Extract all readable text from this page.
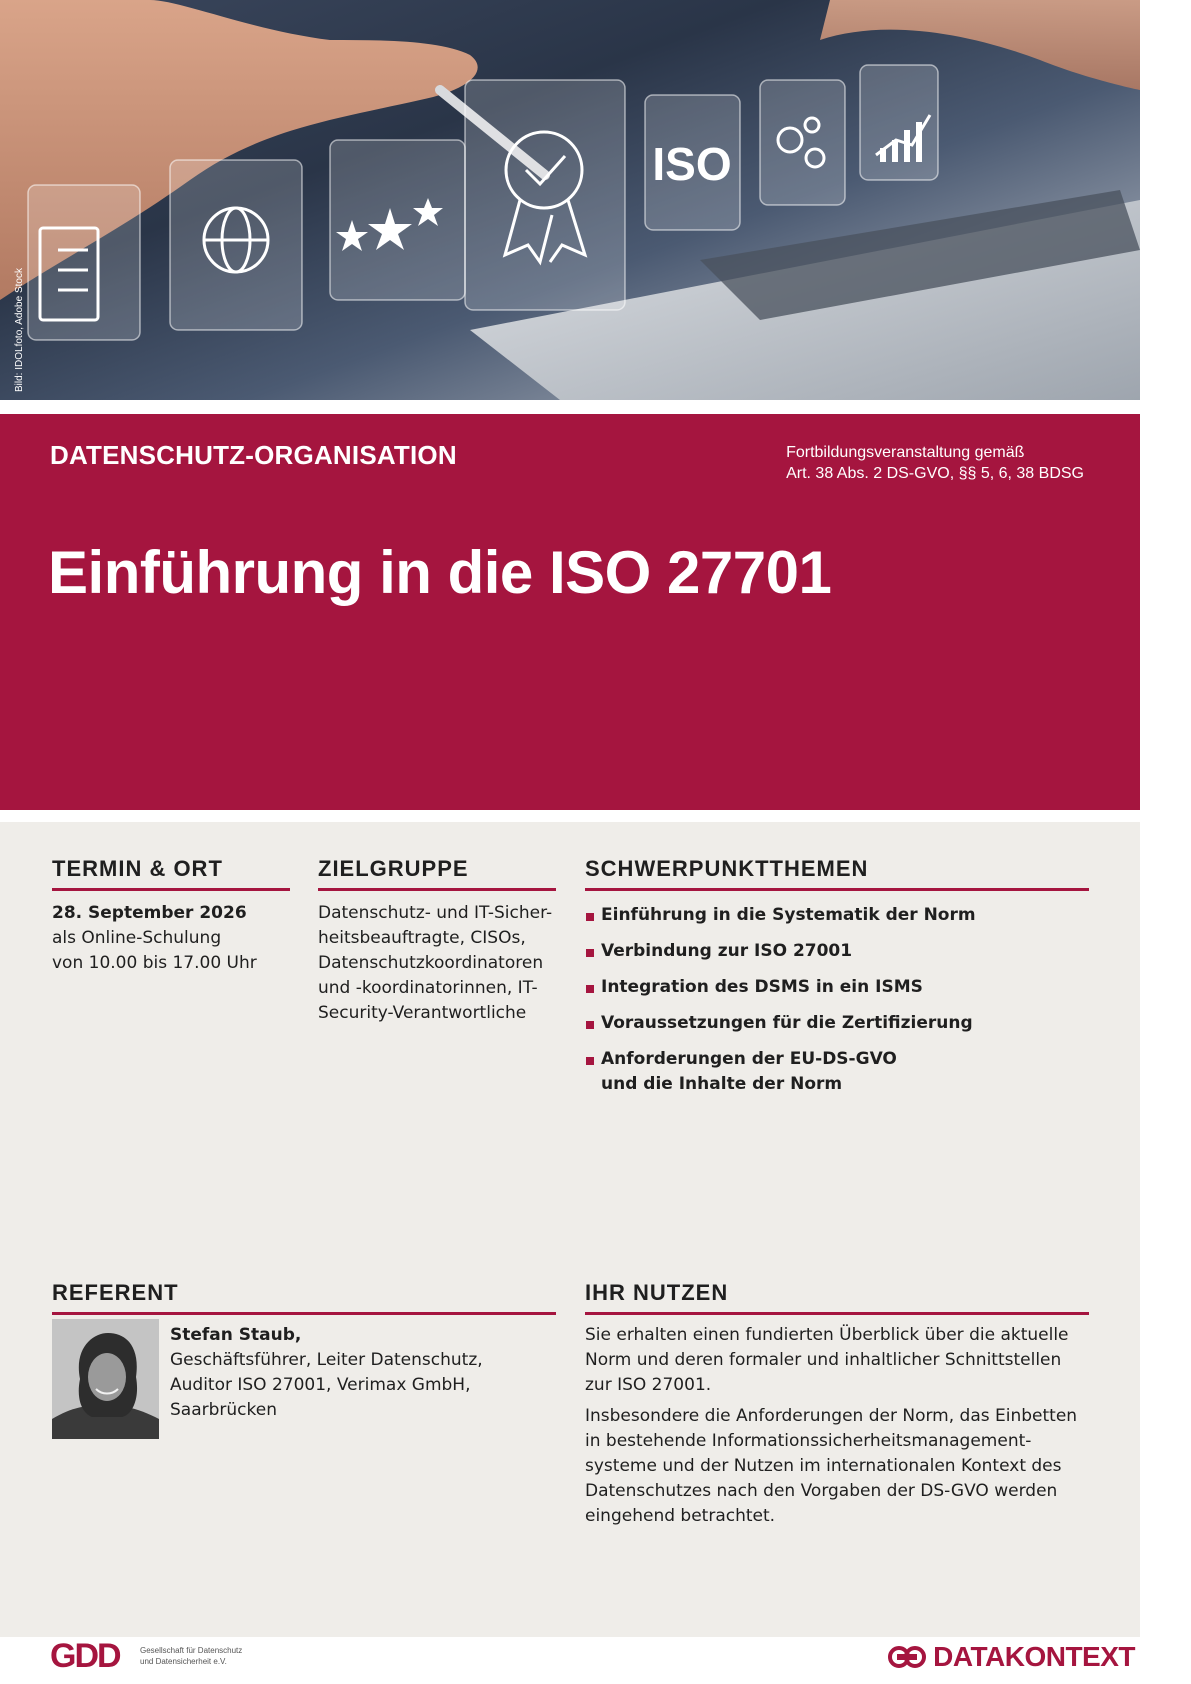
ISO
Bild: IDOLfoto, Adobe Stock
DATENSCHUTZ-ORGANISATION	Fortbildungsveranstaltung gemäß
Art. 38 Abs. 2 DS-GVO, §§ 5, 6, 38 BDSG
Einführung in die ISO 27701
TERMIN & ORT

28. September 2026

als Online-Schulung

von 10.00 bis 17.00 Uhr

ZIELGRUPPE

Datenschutz- und IT-Sicher-

heitsbeauftragte, CISOs,

Datenschutzkoordinatoren

und -koordinatorinnen, IT-

Security-Verantwortliche

SCHWERPUNKTTHEMEN
Einführung in die Systematik der Norm
Verbindung zur ISO 27001
Integration des DSMS in ein ISMS
Voraussetzungen für die Zertifizierung
Anforderungen der EU-DS-GVO
und die Inhalte der Norm
REFERENT

Stefan Staub,

Geschäftsführer, Leiter Datenschutz,

Auditor ISO 27001, Verimax GmbH,

Saarbrücken

IHR NUTZEN

Sie erhalten einen fundierten Überblick über die aktuelle

Norm und deren formaler und inhaltlicher Schnittstellen

zur ISO 27001.

Insbesondere die Anforderungen der Norm, das Einbetten

in bestehende Informationssicherheitsmanagement-

systeme und der Nutzen im internationalen Kontext des

Datenschutzes nach den Vorgaben der DS-GVO werden

eingehend betrachtet.

GDD	Gesellschaft für Datenschutz
und Datensicherheit e.V.	DATAKONTEXT
